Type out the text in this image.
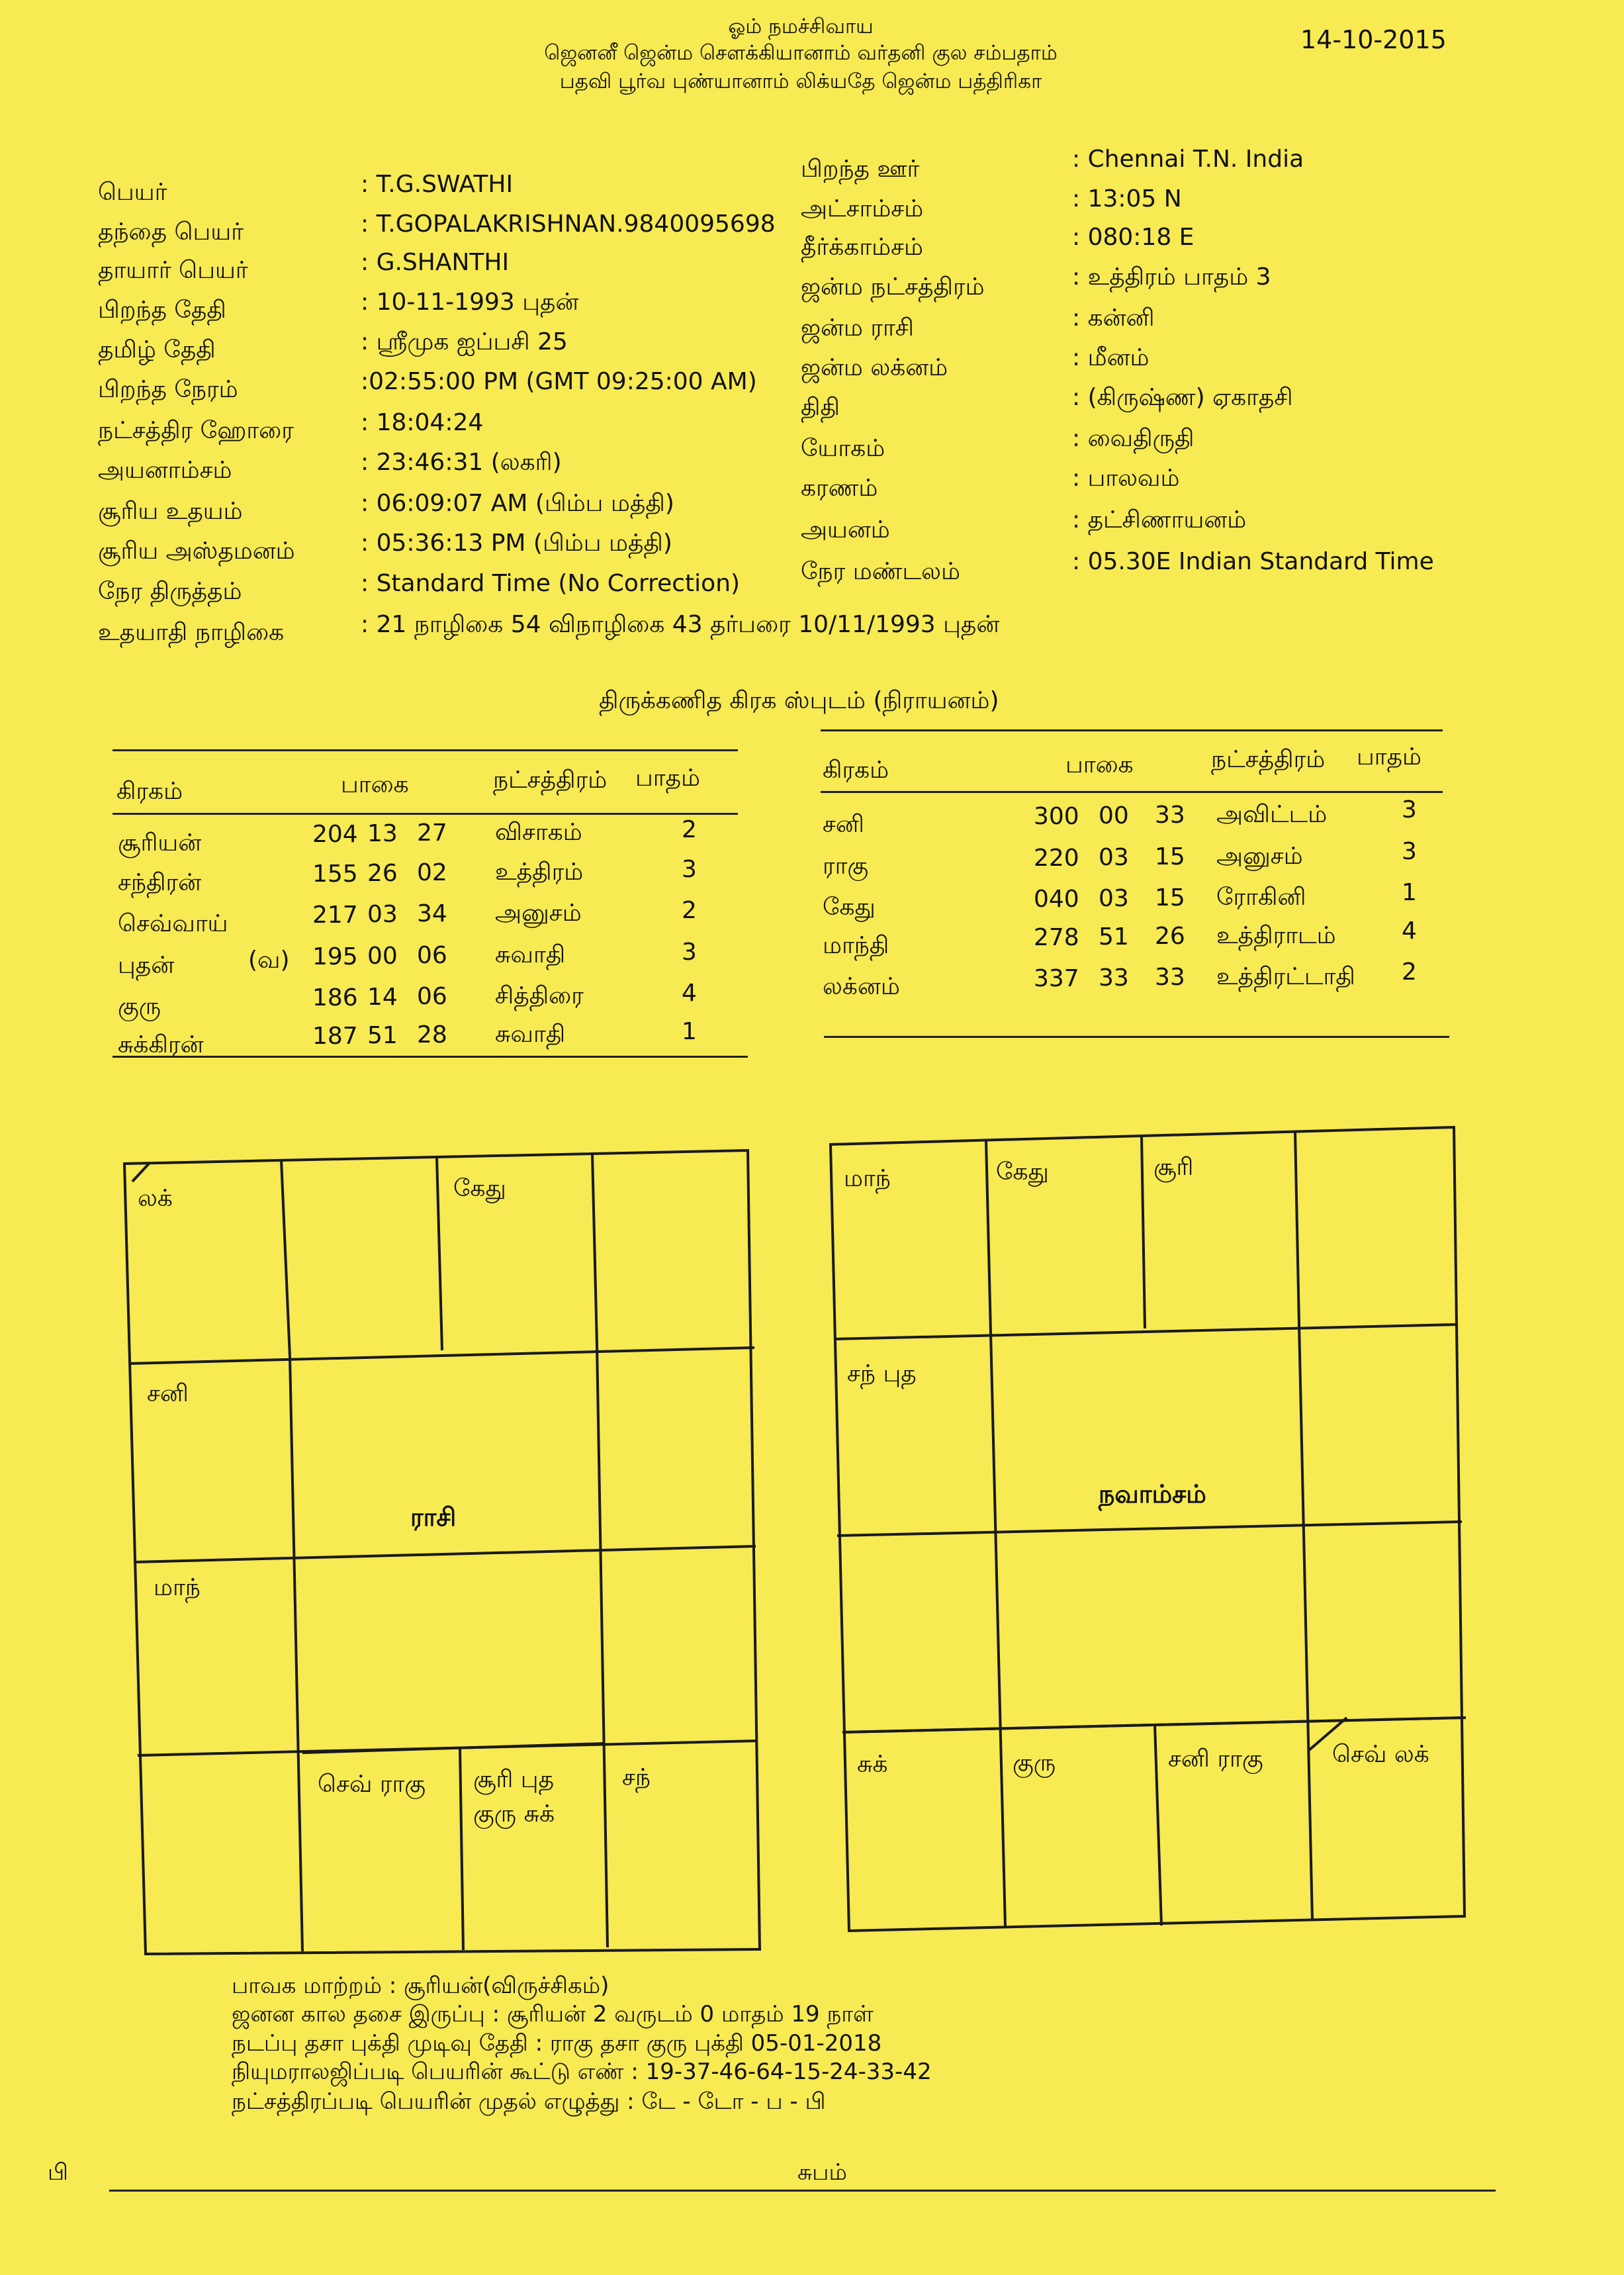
ஓம் நமச்சிவாய
ஜெனனீ ஜென்ம சௌக்கியானாம் வர்தனி குல சம்பதாம்
பதவி பூர்வ புண்யானாம் லிக்யதே ஜென்ம பத்திரிகா
14-10-2015
பெயர்	: T.G.SWATHI
தந்தை பெயர்	: T.GOPALAKRISHNAN.9840095698
தாயார் பெயர்	: G.SHANTHI
பிறந்த தேதி	: 10-11-1993 புதன்
தமிழ் தேதி	: ஸ்ரீமுக ஐப்பசி 25
பிறந்த நேரம்	:02:55:00 PM (GMT 09:25:00 AM)
நட்சத்திர ஹோரை	: 18:04:24
அயனாம்சம்	: 23:46:31 (லகரி)
சூரிய உதயம்	: 06:09:07 AM (பிம்ப மத்தி)
சூரிய அஸ்தமனம்	: 05:36:13 PM (பிம்ப மத்தி)
நேர திருத்தம்	: Standard Time (No Correction)
உதயாதி நாழிகை	: 21 நாழிகை 54 விநாழிகை 43 தர்பரை 10/11/1993 புதன்
பிறந்த ஊர்	: Chennai T.N. India
அட்சாம்சம்	: 13:05 N
தீர்க்காம்சம்	: 080:18 E
ஜன்ம நட்சத்திரம்	: உத்திரம் பாதம் 3
ஜன்ம ராசி	: கன்னி
ஜன்ம லக்னம்	: மீனம்
திதி	: (கிருஷ்ண) ஏகாதசி
யோகம்	: வைதிருதி
கரணம்	: பாலவம்
அயனம்	: தட்சிணாயனம்
நேர மண்டலம்	: 05.30E Indian Standard Time
திருக்கணித கிரக ஸ்புடம் (நிராயனம்)
கிரகம்	பாகை	நட்சத்திரம் பாதம்
சூரியன்	204 13 27 விசாகம்	2
சந்திரன்	155 26 02 உத்திரம்	3
செவ்வாய்	217 03 34 அனுசம்	2
புதன்	(வ) 195 00 06 சுவாதி	3
குரு	186 14 06 சித்திரை	4
சுக்கிரன்	187 51 28 சுவாதி	1
கிரகம்	பாகை	நட்சத்திரம் பாதம்
சனி	300 00 33 அவிட்டம்	3
ராகு	220 03 15 அனுசம்	3
கேது	040 03 15 ரோகினி	1
மாந்தி	278 51 26 உத்திராடம்	4
லக்னம்	337 33 33 உத்திரட்டாதி 2
லக்	கேது
சனி
மாந்
ராசி
செவ் ராகு சூரி புத
குரு சுக்
சந்
மாந்	கேது	சூரி
சந் புத
நவாம்சம்
சுக்	குரு	சனி ராகு	செவ் லக்
பாவக மாற்றம் : சூரியன்(விருச்சிகம்)
ஜனன கால தசை இருப்பு : சூரியன் 2 வருடம் 0 மாதம் 19 நாள்
நடப்பு தசா புக்தி முடிவு தேதி : ராகு தசா குரு புக்தி 05-01-2018
நியுமராலஜிப்படி பெயரின் கூட்டு எண் : 19-37-46-64-15-24-33-42
நட்சத்திரப்படி பெயரின் முதல் எழுத்து : டே - டோ - ப - பி
பி	சுபம்
